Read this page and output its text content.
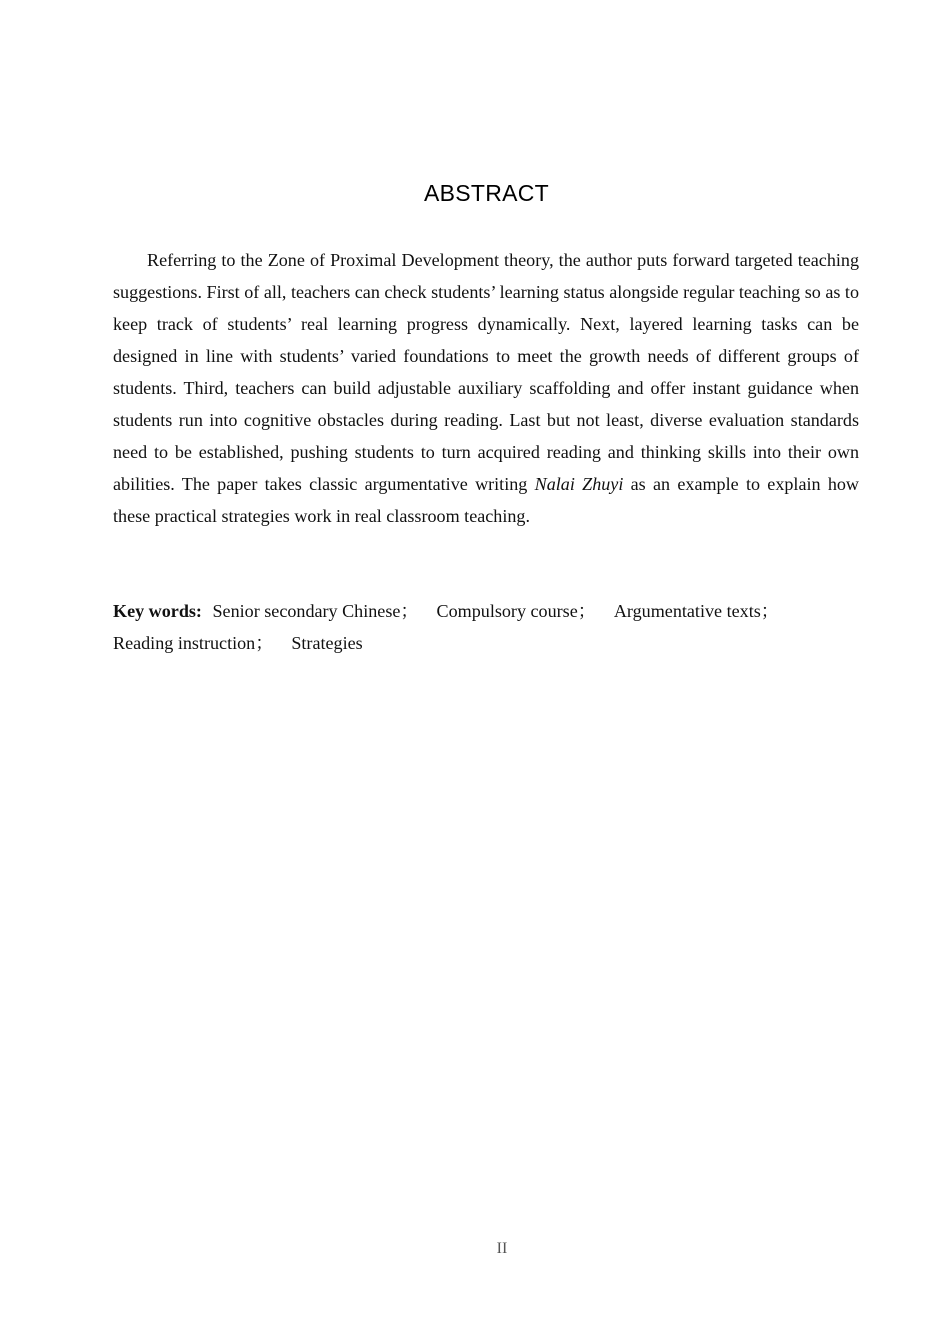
ABSTRACT

Referring to the Zone of Proximal Development theory, the author puts forward targeted teaching suggestions. First of all, teachers can check students’ learning status alongside regular teaching so as to keep track of students’ real learning progress dynamically. Next, layered learning tasks can be designed in line with students’ varied foundations to meet the growth needs of different groups of students. Third, teachers can build adjustable auxiliary scaffolding and offer instant guidance when students run into cognitive obstacles during reading. Last but not least, diverse evaluation standards need to be established, pushing students to turn acquired reading and thinking skills into their own abilities. The paper takes classic argumentative writing Nalai Zhuyi as an example to explain how these practical strategies work in real classroom teaching.

Key words: Senior secondary Chinese； Compulsory course； Argumentative texts；
Reading instruction； Strategies
II
